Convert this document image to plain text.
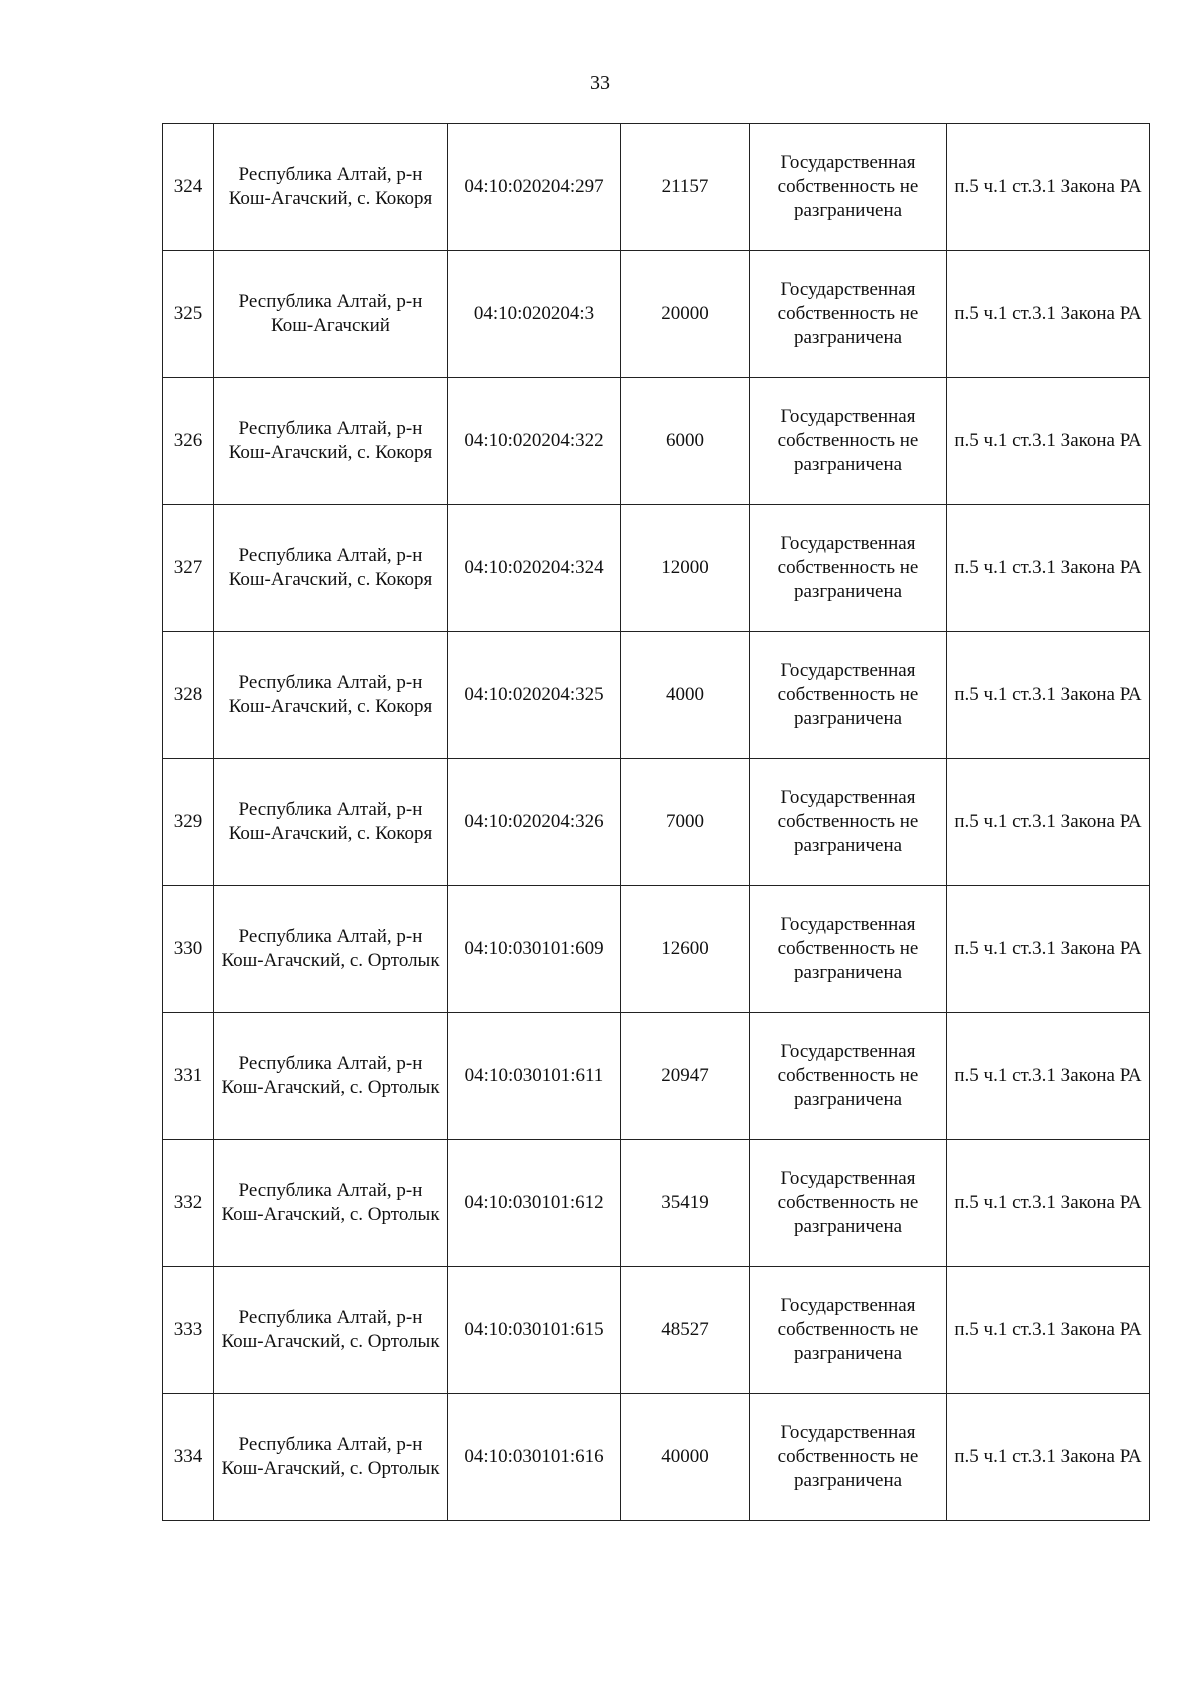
33
324	Республика Алтай, р-н Кош-Агачский, с. Кокоря	04:10:020204:297	21157	Государственная собственность не разграничена	п.5 ч.1 ст.3.1 Закона РА
325	Республика Алтай, р-н Кош-Агачский	04:10:020204:3	20000	Государственная собственность не разграничена	п.5 ч.1 ст.3.1 Закона РА
326	Республика Алтай, р-н Кош-Агачский, с. Кокоря	04:10:020204:322	6000	Государственная собственность не разграничена	п.5 ч.1 ст.3.1 Закона РА
327	Республика Алтай, р-н Кош-Агачский, с. Кокоря	04:10:020204:324	12000	Государственная собственность не разграничена	п.5 ч.1 ст.3.1 Закона РА
328	Республика Алтай, р-н Кош-Агачский, с. Кокоря	04:10:020204:325	4000	Государственная собственность не разграничена	п.5 ч.1 ст.3.1 Закона РА
329	Республика Алтай, р-н Кош-Агачский, с. Кокоря	04:10:020204:326	7000	Государственная собственность не разграничена	п.5 ч.1 ст.3.1 Закона РА
330	Республика Алтай, р-н Кош-Агачский, с. Ортолык	04:10:030101:609	12600	Государственная собственность не разграничена	п.5 ч.1 ст.3.1 Закона РА
331	Республика Алтай, р-н Кош-Агачский, с. Ортолык	04:10:030101:611	20947	Государственная собственность не разграничена	п.5 ч.1 ст.3.1 Закона РА
332	Республика Алтай, р-н Кош-Агачский, с. Ортолык	04:10:030101:612	35419	Государственная собственность не разграничена	п.5 ч.1 ст.3.1 Закона РА
333	Республика Алтай, р-н Кош-Агачский, с. Ортолык	04:10:030101:615	48527	Государственная собственность не разграничена	п.5 ч.1 ст.3.1 Закона РА
334	Республика Алтай, р-н Кош-Агачский, с. Ортолык	04:10:030101:616	40000	Государственная собственность не разграничена	п.5 ч.1 ст.3.1 Закона РА
